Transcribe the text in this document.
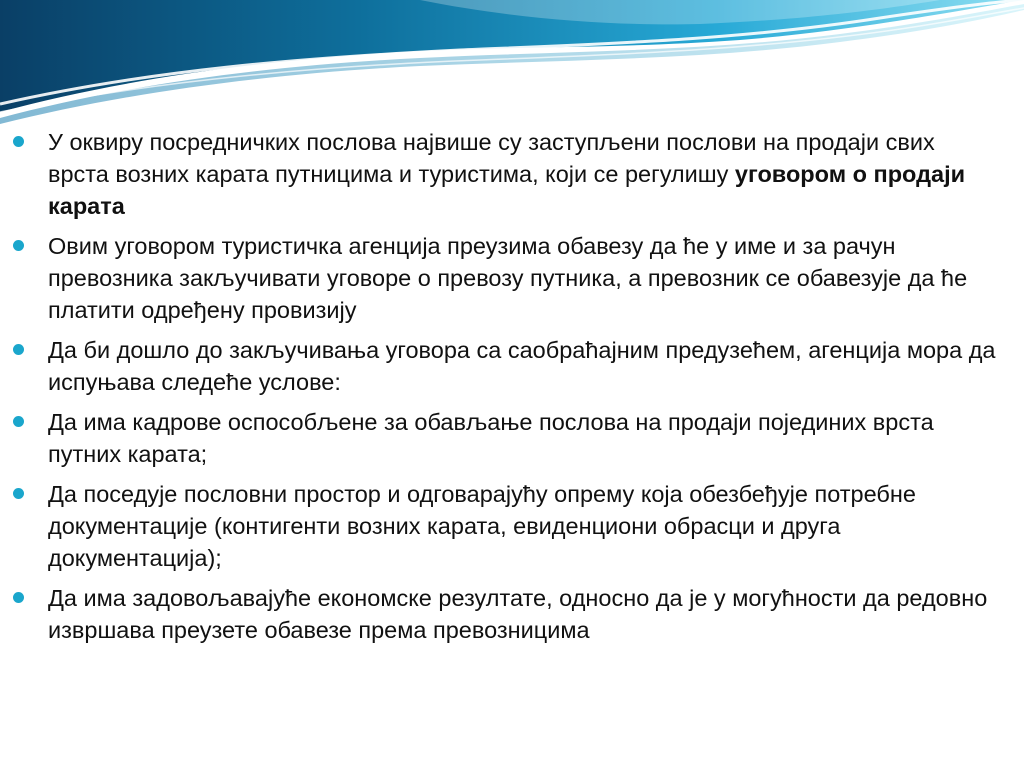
У оквиру посредничких послова највише су заступљени послови на продаји свих врста возних карата путницима и туристима, који се регулишу уговором о продаји карата
Овим уговором туристичка агенција преузима обавезу да ће у име и за рачун превозника закључивати уговоре о превозу путника, а превозник се обавезује да ће платити одређену провизију
Да би дошло до закључивања уговора са саобраћајним предузећем, агенција мора да испуњава следеће услове:
Да има кадрове оспособљене за обављање послова на продаји појединих врста путних карата;
Да поседује пословни простор и одговарајућу опрему која обезбеђује потребне документације (контигенти возних карата, евиденциони обрасци и друга документација);
Да има задовољавајуће економске резултате, односно да је у могућности да редовно извршава преузете обавезе према превозницима
